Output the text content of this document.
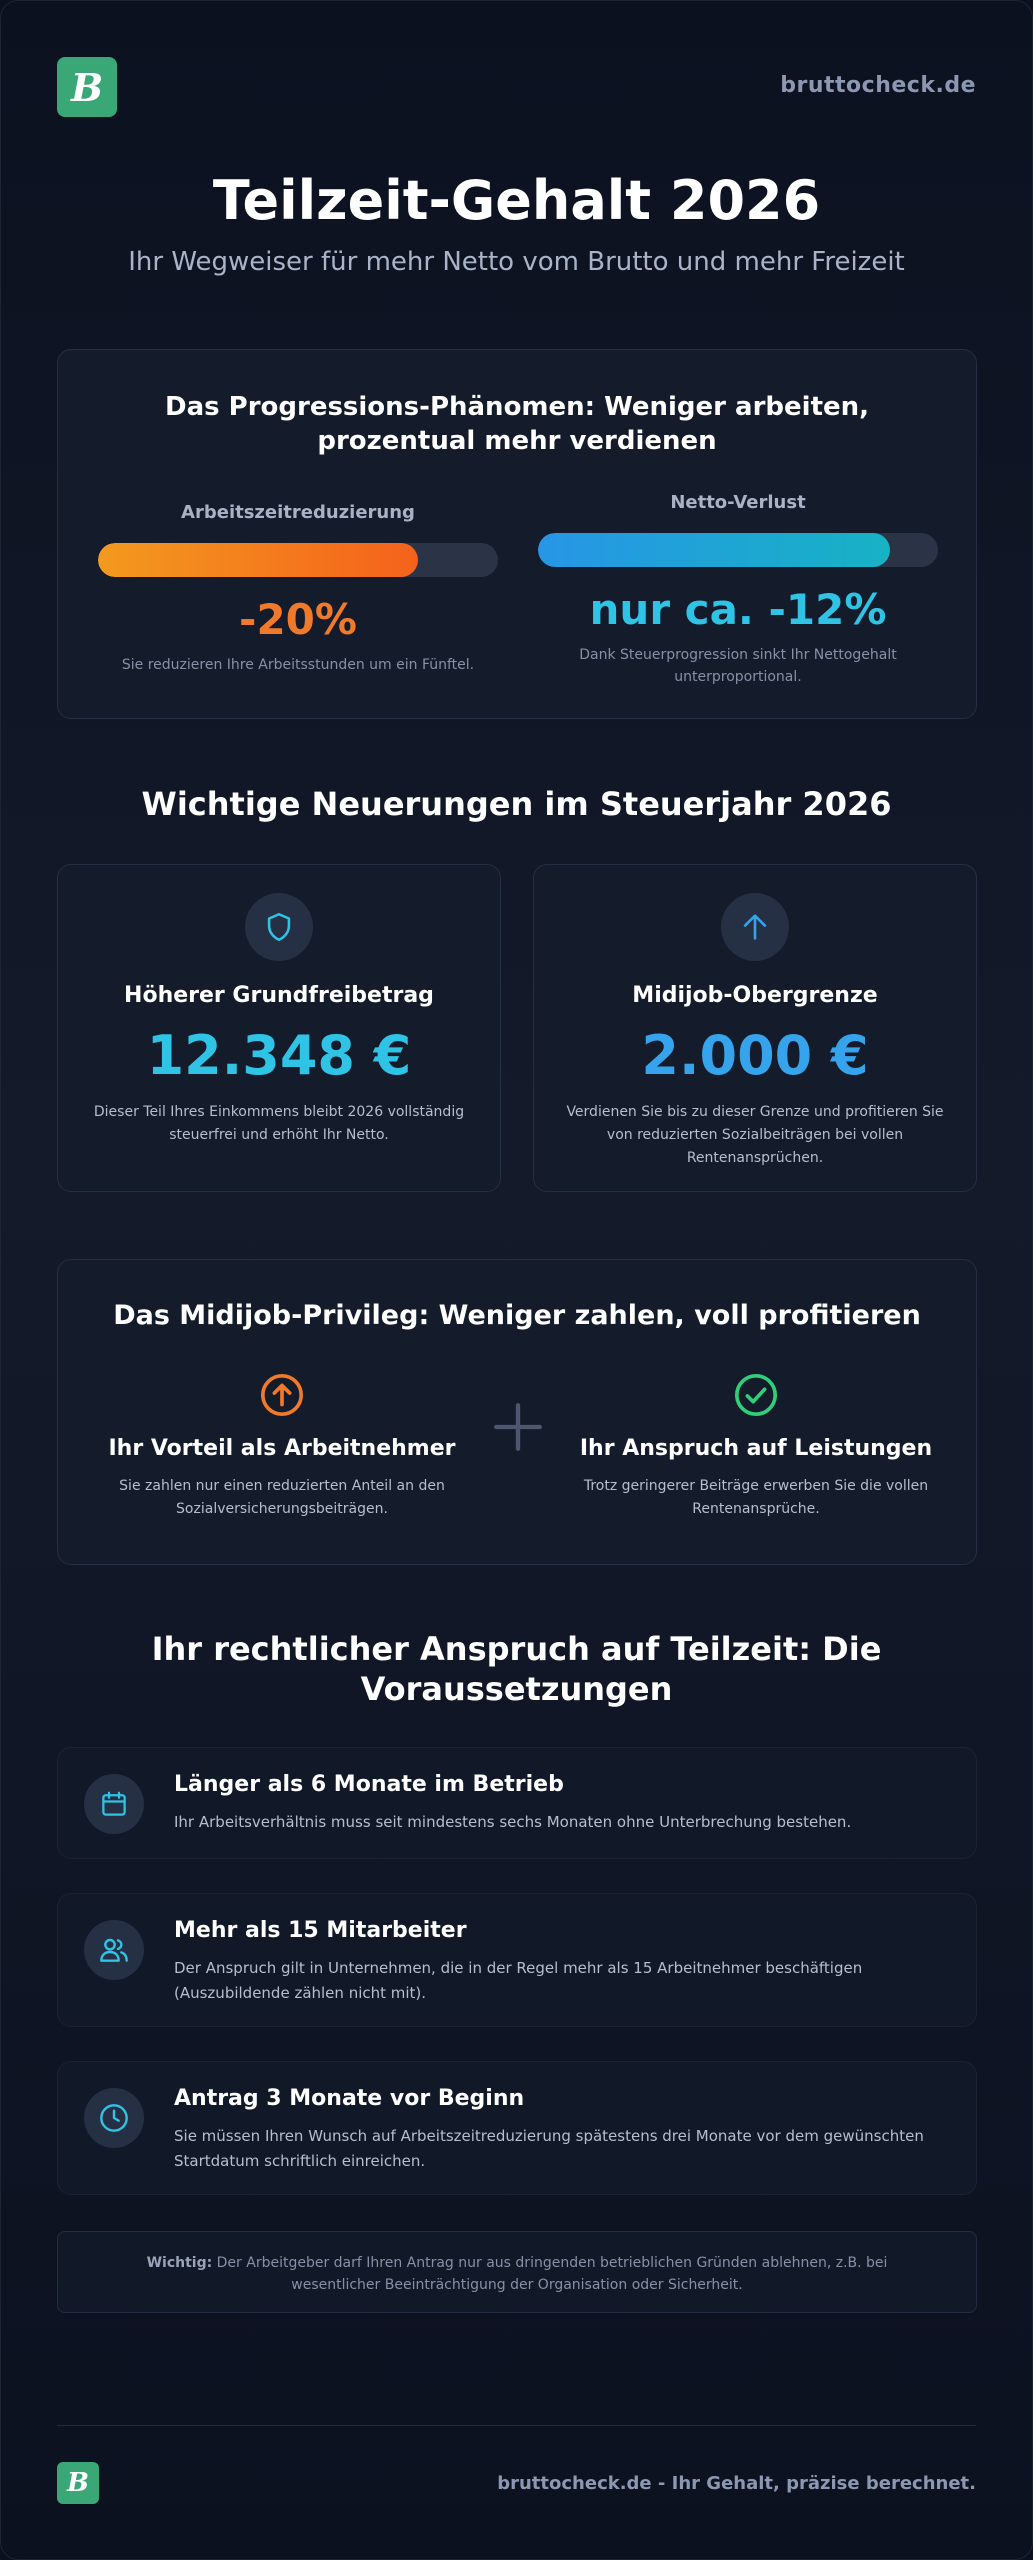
B	bruttocheck.de
Teilzeit-Gehalt 2026
Ihr Wegweiser für mehr Netto vom Brutto und mehr Freizeit
Das Progressions-Phänomen: Weniger arbeiten, prozentual mehr verdienen
Arbeitszeitreduzierung
-20%
Sie reduzieren Ihre Arbeitsstunden um ein Fünftel.
Netto-Verlust
nur ca. -12%
Dank Steuerprogression sinkt Ihr Nettogehalt unterproportional.
Wichtige Neuerungen im Steuerjahr 2026
Höherer Grundfreibetrag
12.348 €
Dieser Teil Ihres Einkommens bleibt 2026 vollständig steuerfrei und erhöht Ihr Netto.
Midijob-Obergrenze
2.000 €
Verdienen Sie bis zu dieser Grenze und profitieren Sie von reduzierten Sozialbeiträgen bei vollen Rentenansprüchen.
Das Midijob-Privileg: Weniger zahlen, voll profitieren
Ihr Vorteil als Arbeitnehmer
Sie zahlen nur einen reduzierten Anteil an den Sozialversicherungsbeiträgen.
Ihr Anspruch auf Leistungen
Trotz geringerer Beiträge erwerben Sie die vollen Rentenansprüche.
Ihr rechtlicher Anspruch auf Teilzeit: Die Voraussetzungen
Länger als 6 Monate im Betrieb
Ihr Arbeitsverhältnis muss seit mindestens sechs Monaten ohne Unterbrechung bestehen.
Mehr als 15 Mitarbeiter
Der Anspruch gilt in Unternehmen, die in der Regel mehr als 15 Arbeitnehmer beschäftigen (Auszubildende zählen nicht mit).
Antrag 3 Monate vor Beginn
Sie müssen Ihren Wunsch auf Arbeitszeitreduzierung spätestens drei Monate vor dem gewünschten Startdatum schriftlich einreichen.
Wichtig: Der Arbeitgeber darf Ihren Antrag nur aus dringenden betrieblichen Gründen ablehnen, z.B. bei wesentlicher Beeinträchtigung der Organisation oder Sicherheit.
B	bruttocheck.de - Ihr Gehalt, präzise berechnet.
